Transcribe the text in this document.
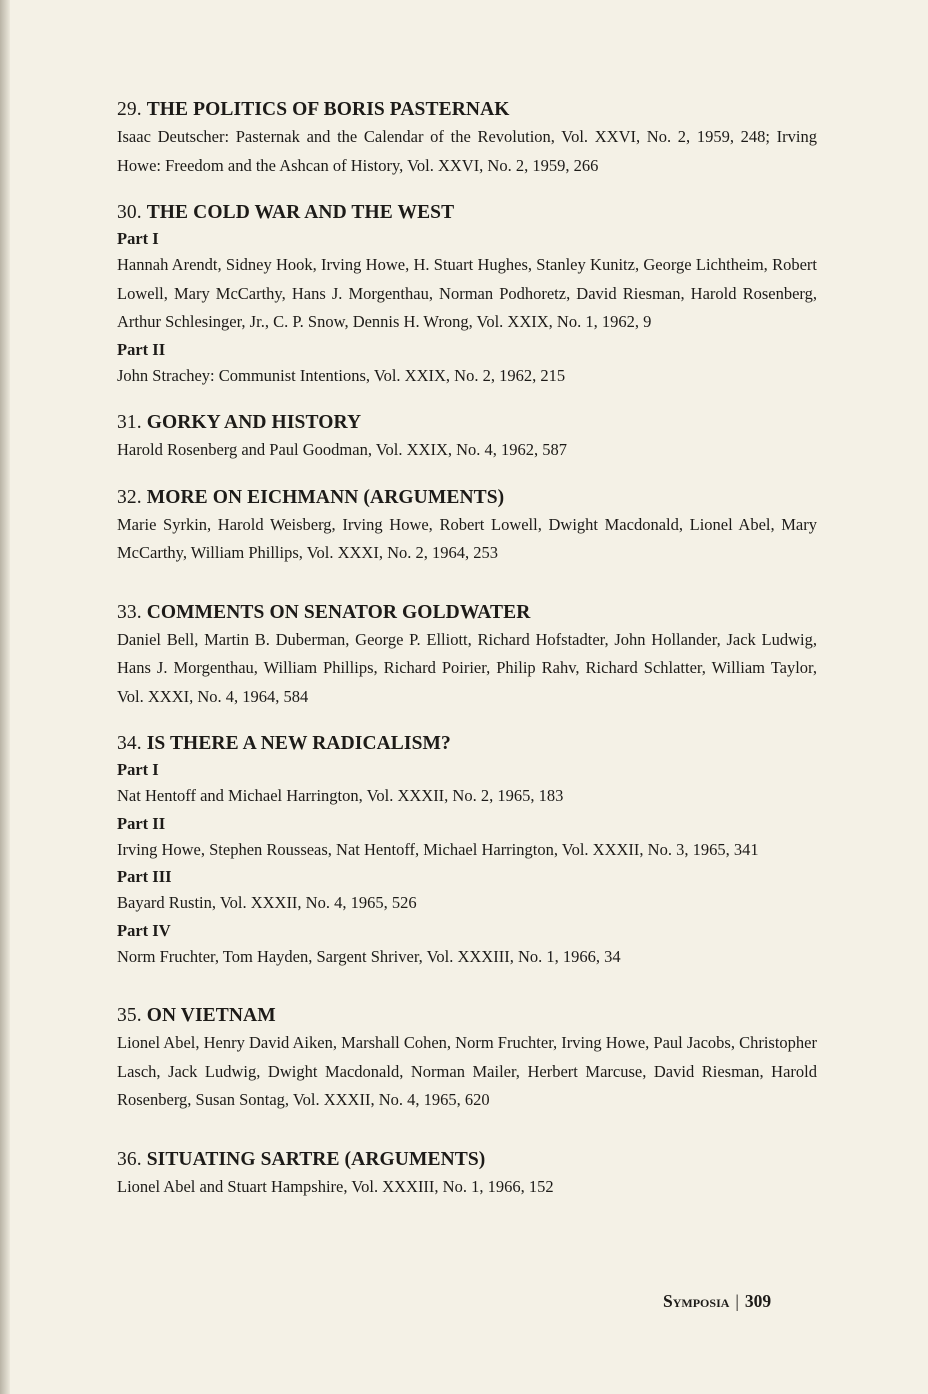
29. THE POLITICS OF BORIS PASTERNAK
Isaac Deutscher: Pasternak and the Calendar of the Revolution, Vol. XXVI, No. 2, 1959, 248; Irving Howe: Freedom and the Ashcan of History, Vol. XXVI, No. 2, 1959, 266
30. THE COLD WAR AND THE WEST
Part I
Hannah Arendt, Sidney Hook, Irving Howe, H. Stuart Hughes, Stanley Kunitz, George Lichtheim, Robert Lowell, Mary McCarthy, Hans J. Morgenthau, Norman Podhoretz, David Riesman, Harold Rosenberg, Arthur Schlesinger, Jr., C. P. Snow, Dennis H. Wrong, Vol. XXIX, No. 1, 1962, 9
Part II
John Strachey: Communist Intentions, Vol. XXIX, No. 2, 1962, 215
31. GORKY AND HISTORY
Harold Rosenberg and Paul Goodman, Vol. XXIX, No. 4, 1962, 587
32. MORE ON EICHMANN (ARGUMENTS)
Marie Syrkin, Harold Weisberg, Irving Howe, Robert Lowell, Dwight Macdonald, Lionel Abel, Mary McCarthy, William Phillips, Vol. XXXI, No. 2, 1964, 253
33. COMMENTS ON SENATOR GOLDWATER
Daniel Bell, Martin B. Duberman, George P. Elliott, Richard Hofstadter, John Hollander, Jack Ludwig, Hans J. Morgenthau, William Phillips, Richard Poirier, Philip Rahv, Richard Schlatter, William Taylor, Vol. XXXI, No. 4, 1964, 584
34. IS THERE A NEW RADICALISM?
Part I
Nat Hentoff and Michael Harrington, Vol. XXXII, No. 2, 1965, 183
Part II
Irving Howe, Stephen Rousseas, Nat Hentoff, Michael Harrington, Vol. XXXII, No. 3, 1965, 341
Part III
Bayard Rustin, Vol. XXXII, No. 4, 1965, 526
Part IV
Norm Fruchter, Tom Hayden, Sargent Shriver, Vol. XXXIII, No. 1, 1966, 34
35. ON VIETNAM
Lionel Abel, Henry David Aiken, Marshall Cohen, Norm Fruchter, Irving Howe, Paul Jacobs, Christopher Lasch, Jack Ludwig, Dwight Macdonald, Norman Mailer, Herbert Marcuse, David Riesman, Harold Rosenberg, Susan Sontag, Vol. XXXII, No. 4, 1965, 620
36. SITUATING SARTRE (ARGUMENTS)
Lionel Abel and Stuart Hampshire, Vol. XXXIII, No. 1, 1966, 152
Symposia | 309
